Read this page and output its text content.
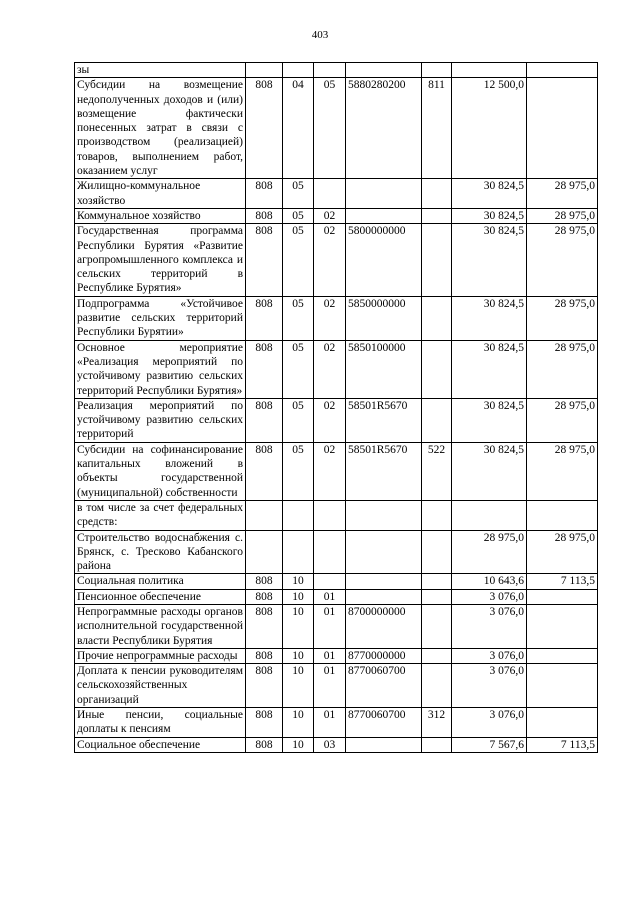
403
зы							
Субсидии на возмещение недополученных доходов и (или) возмещение фактически понесенных затрат в связи с производством (реализацией) товаров, выполнением работ, оказанием услуг	808	04	05	5880280200	811	12 500,0	
Жилищно-коммунальное хозяйство	808	05				30 824,5	28 975,0
Коммунальное хозяйство	808	05	02			30 824,5	28 975,0
Государственная программа Республики Бурятия «Развитие агропромышленного комплекса и сельских территорий в Республике Бурятия»	808	05	02	5800000000		30 824,5	28 975,0
Подпрограмма «Устойчивое развитие сельских территорий Республики Бурятии»	808	05	02	5850000000		30 824,5	28 975,0
Основное мероприятие «Реализация мероприятий по устойчивому развитию сельских территорий Республики Бурятия»	808	05	02	5850100000		30 824,5	28 975,0
Реализация мероприятий по устойчивому развитию сельских территорий	808	05	02	58501R5670		30 824,5	28 975,0
Субсидии на софинансирование капитальных вложений в объекты государственной (муниципальной) собственности	808	05	02	58501R5670	522	30 824,5	28 975,0
в том числе за счет федеральных средств:							
Строительство водоснабжения с. Брянск, с. Тресково Кабанского района						28 975,0	28 975,0
Социальная политика	808	10				10 643,6	7 113,5
Пенсионное обеспечение	808	10	01			3 076,0	
Непрограммные расходы органов исполнительной государственной власти Республики Бурятия	808	10	01	8700000000		3 076,0	
Прочие непрограммные расходы	808	10	01	8770000000		3 076,0	
Доплата к пенсии руководителям сельскохозяйственных организаций	808	10	01	8770060700		3 076,0	
Иные пенсии, социальные доплаты к пенсиям	808	10	01	8770060700	312	3 076,0	
Социальное обеспечение	808	10	03			7 567,6	7 113,5
